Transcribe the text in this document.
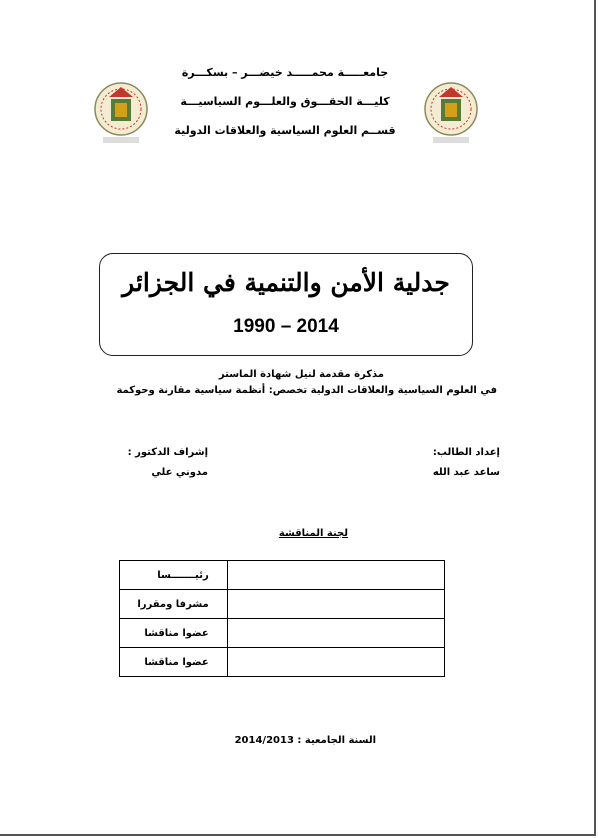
جامعـــــة محمـــــد خيضـــر – بسكـــرة
كليـــة الحقـــوق والعلـــوم السياسيـــة
قســم العلوم السياسية والعلاقات الدولية
جدلية الأمن والتنمية في الجزائر
1990 – 2014
مذكرة مقدمة لنيل شهادة الماستر
في العلوم السياسية والعلاقات الدولية تخصص: أنظمة سياسية مقارنة وحوكمة
إعداد الطالب:
ساعد عبد الله
إشراف الدكتور :
مدوني علي
لجنة المناقشة
رئيـــــــسا	
مشرفا ومقررا	
عضوا مناقشا	
عضوا مناقشا	
السنة الجامعية : 2014/2013
